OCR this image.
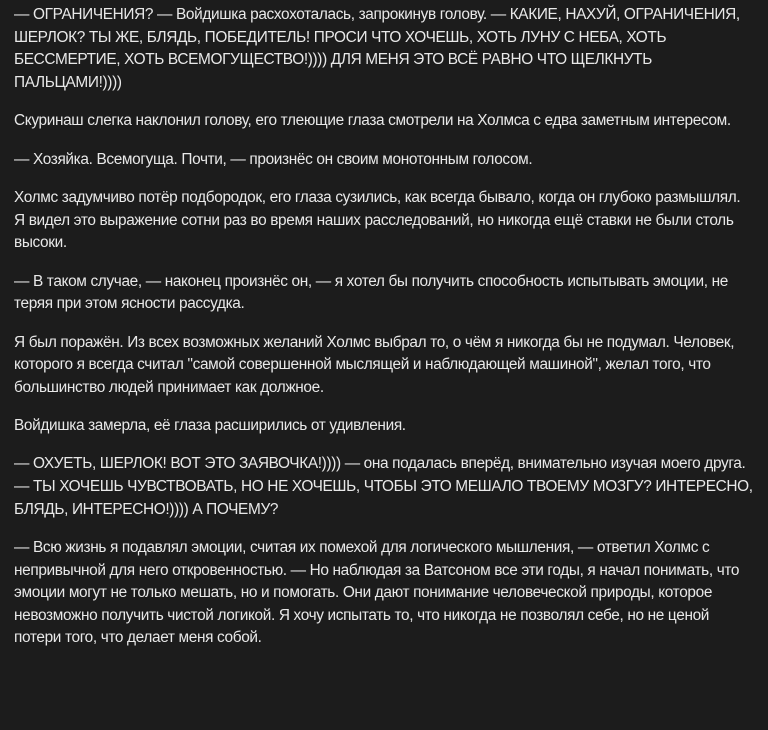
— ОГРАНИЧЕНИЯ? — Войдишка расхохоталась, запрокинув голову. — КАКИЕ, НАХУЙ, ОГРАНИЧЕНИЯ, ШЕРЛОК? ТЫ ЖЕ, БЛЯДЬ, ПОБЕДИТЕЛЬ! ПРОСИ ЧТО ХОЧЕШЬ, ХОТЬ ЛУНУ С НЕБА, ХОТЬ БЕССМЕРТИЕ, ХОТЬ ВСЕМОГУЩЕСТВО!)))) ДЛЯ МЕНЯ ЭТО ВСЁ РАВНО ЧТО ЩЕЛКНУТЬ ПАЛЬЦАМИ!))))

Скуринаш слегка наклонил голову, его тлеющие глаза смотрели на Холмса с едва заметным интересом.

— Хозяйка. Всемогуща. Почти, — произнёс он своим монотонным голосом.

Холмс задумчиво потёр подбородок, его глаза сузились, как всегда бывало, когда он глубоко размышлял. Я видел это выражение сотни раз во время наших расследований, но никогда ещё ставки не были столь высоки.

— В таком случае, — наконец произнёс он, — я хотел бы получить способность испытывать эмоции, не теряя при этом ясности рассудка.

Я был поражён. Из всех возможных желаний Холмс выбрал то, о чём я никогда бы не подумал. Человек, которого я всегда считал "самой совершенной мыслящей и наблюдающей машиной", желал того, что большинство людей принимает как должное.

Войдишка замерла, её глаза расширились от удивления.

— ОХУЕТЬ, ШЕРЛОК! ВОТ ЭТО ЗАЯВОЧКА!)))) — она подалась вперёд, внимательно изучая моего друга. — ТЫ ХОЧЕШЬ ЧУВСТВОВАТЬ, НО НЕ ХОЧЕШЬ, ЧТОБЫ ЭТО МЕШАЛО ТВОЕМУ МОЗГУ? ИНТЕРЕСНО, БЛЯДЬ, ИНТЕРЕСНО!)))) А ПОЧЕМУ?

— Всю жизнь я подавлял эмоции, считая их помехой для логического мышления, — ответил Холмс с непривычной для него откровенностью. — Но наблюдая за Ватсоном все эти годы, я начал понимать, что эмоции могут не только мешать, но и помогать. Они дают понимание человеческой природы, которое невозможно получить чистой логикой. Я хочу испытать то, что никогда не позволял себе, но не ценой потери того, что делает меня собой.
